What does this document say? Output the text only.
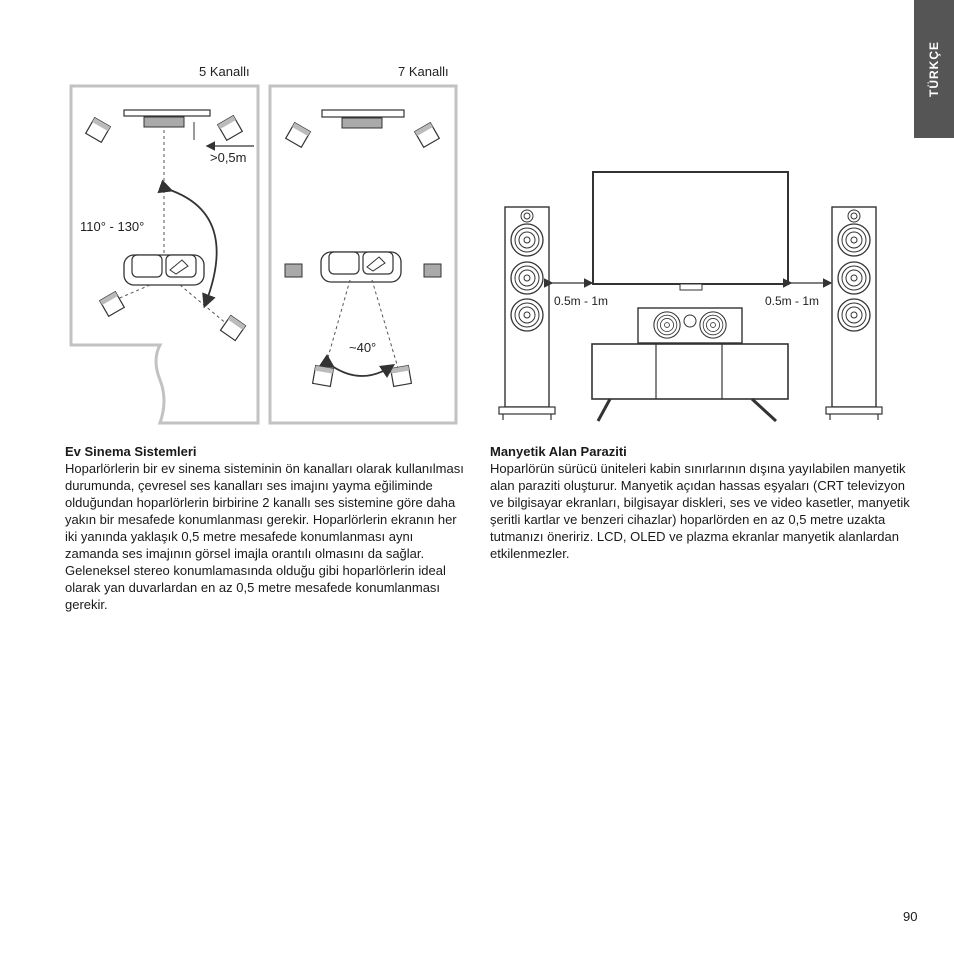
TÜRKÇE
5 Kanallı	7 Kanallı
>0,5m
110° - 130°
~40°
0.5m - 1m	0.5m - 1m
Ev Sinema Sistemleri

Hoparlörlerin bir ev sinema sisteminin ön kanalları olarak kullanılması durumunda, çevresel ses kanalları ses imajını yayma eğiliminde olduğundan hoparlörlerin birbirine 2 kanallı ses sistemine göre daha yakın bir mesafede konumlanması gerekir. Hoparlörlerin ekranın her iki yanında yaklaşık 0,5 metre mesafede konumlanması aynı zamanda ses imajının görsel imajla orantılı olmasını da sağlar. Geleneksel stereo konumlamasında olduğu gibi hoparlörlerin ideal olarak yan duvarlardan en az 0,5 metre mesafede konumlanması gerekir.

Manyetik Alan Paraziti

Hoparlörün sürücü üniteleri kabin sınırlarının dışına yayılabilen manyetik alan paraziti oluşturur. Manyetik açıdan hassas eşyaları (CRT televizyon ve bilgisayar ekranları, bilgisayar diskleri, ses ve video kasetler, manyetik şeritli kartlar ve benzeri cihazlar) hoparlörden en az 0,5 metre uzakta tutmanızı öneririz. LCD, OLED ve plazma ekranlar manyetik alanlardan etkilenmezler.

90
